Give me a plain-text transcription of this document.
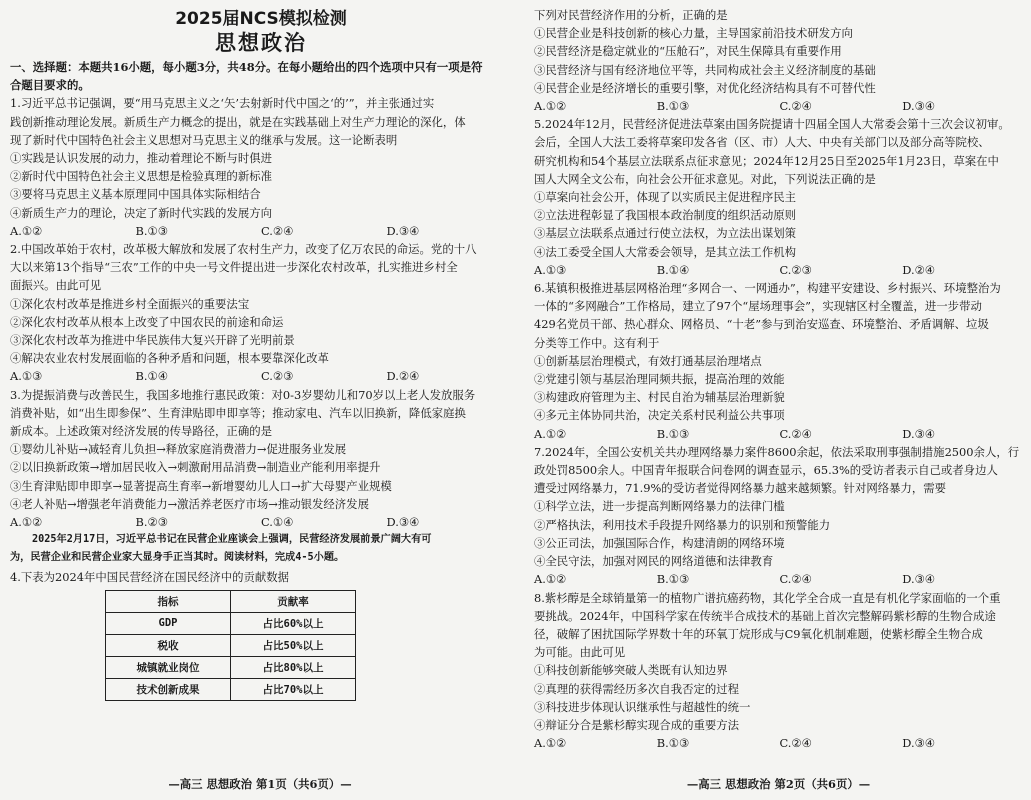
2025届NCS模拟检测
思想政治
一、选择题：本题共16小题，每小题3分，共48分。在每小题给出的四个选项中只有一项是符
合题目要求的。
1.习近平总书记强调，要“用马克思主义之‘矢’去射新时代中国之‘的’”，并主张通过实
践创新推动理论发展。新质生产力概念的提出，就是在实践基础上对生产力理论的深化，体
现了新时代中国特色社会主义思想对马克思主义的继承与发展。这一论断表明
①实践是认识发展的动力，推动着理论不断与时俱进
②新时代中国特色社会主义思想是检验真理的新标准
③要将马克思主义基本原理同中国具体实际相结合
④新质生产力的理论，决定了新时代实践的发展方向
A.①②	B.①③	C.②④	D.③④
2.中国改革始于农村，改革极大解放和发展了农村生产力，改变了亿万农民的命运。党的十八
大以来第13个指导“三农”工作的中央一号文件提出进一步深化农村改革，扎实推进乡村全
面振兴。由此可见
①深化农村改革是推进乡村全面振兴的重要法宝
②深化农村改革从根本上改变了中国农民的前途和命运
③深化农村改革为推进中华民族伟大复兴开辟了光明前景
④解决农业农村发展面临的各种矛盾和问题，根本要靠深化改革
A.①③	B.①④	C.②③	D.②④
3.为提振消费与改善民生，我国多地推行惠民政策：对0-3岁婴幼儿和70岁以上老人发放服务
消费补贴，如“出生即参保”、生育津贴即申即享等；推动家电、汽车以旧换新，降低家庭换
新成本。上述政策对经济发展的传导路径，正确的是
①婴幼儿补贴→减轻育儿负担→释放家庭消费潜力→促进服务业发展
②以旧换新政策→增加居民收入→刺激耐用品消费→制造业产能利用率提升
③生育津贴即申即享→显著提高生育率→新增婴幼儿人口→扩大母婴产业规模
④老人补贴→增强老年消费能力→激活养老医疗市场→推动银发经济发展
A.①②	B.②③	C.①④	D.③④
2025年2月17日，习近平总书记在民营企业座谈会上强调，民营经济发展前景广阔大有可
为，民营企业和民营企业家大显身手正当其时。阅读材料，完成4-5小题。
4.下表为2024年中国民营经济在国民经济中的贡献数据
指标	贡献率
GDP	占比60%以上
税收	占比50%以上
城镇就业岗位	占比80%以上
技术创新成果	占比70%以上
—高三 思想政治 第1页（共6页）—
下列对民营经济作用的分析，正确的是
①民营企业是科技创新的核心力量，主导国家前沿技术研发方向
②民营经济是稳定就业的“压舱石”，对民生保障具有重要作用
③民营经济与国有经济地位平等，共同构成社会主义经济制度的基础
④民营企业是经济增长的重要引擎，对优化经济结构具有不可替代性
A.①②	B.①③	C.②④	D.③④
5.2024年12月，民营经济促进法草案由国务院提请十四届全国人大常委会第十三次会议初审。
会后，全国人大法工委将草案印发各省（区、市）人大、中央有关部门以及部分高等院校、
研究机构和54个基层立法联系点征求意见；2024年12月25日至2025年1月23日，草案在中
国人大网全文公布，向社会公开征求意见。对此，下列说法正确的是
①草案向社会公开，体现了以实质民主促进程序民主
②立法进程彰显了我国根本政治制度的组织活动原则
③基层立法联系点通过行使立法权，为立法出谋划策
④法工委受全国人大常委会领导，是其立法工作机构
A.①③	B.①④	C.②③	D.②④
6.某镇积极推进基层网格治理“多网合一、一网通办”，构建平安建设、乡村振兴、环境整治为
一体的“多网融合”工作格局，建立了97个“屋场理事会”，实现辖区村全覆盖，进一步带动
429名党员干部、热心群众、网格员、“十老”参与到治安巡查、环境整治、矛盾调解、垃圾
分类等工作中。这有利于
①创新基层治理模式，有效打通基层治理堵点
②党建引领与基层治理同频共振，提高治理的效能
③构建政府管理为主、村民自治为辅基层治理新貌
④多元主体协同共治，决定关系村民利益公共事项
A.①②	B.①③	C.②④	D.③④
7.2024年，全国公安机关共办理网络暴力案件8600余起，依法采取刑事强制措施2500余人，行
政处罚8500余人。中国青年报联合问卷网的调查显示，65.3%的受访者表示自己或者身边人
遭受过网络暴力，71.9%的受访者觉得网络暴力越来越频繁。针对网络暴力，需要
①科学立法，进一步提高判断网络暴力的法律门槛
②严格执法，利用技术手段提升网络暴力的识别和预警能力
③公正司法，加强国际合作，构建清朗的网络环境
④全民守法，加强对网民的网络道德和法律教育
A.①②	B.①③	C.②④	D.③④
8.紫杉醇是全球销量第一的植物广谱抗癌药物，其化学全合成一直是有机化学家面临的一个重
要挑战。2024年，中国科学家在传统半合成技术的基础上首次完整解码紫杉醇的生物合成途
径，破解了困扰国际学界数十年的环氧丁烷形成与C9氧化机制难题，使紫杉醇全生物合成
为可能。由此可见
①科技创新能够突破人类既有认知边界
②真理的获得需经历多次自我否定的过程
③科技进步体现认识继承性与超越性的统一
④辩证分合是紫杉醇实现合成的重要方法
A.①②	B.①③	C.②④	D.③④
—高三 思想政治 第2页（共6页）—
